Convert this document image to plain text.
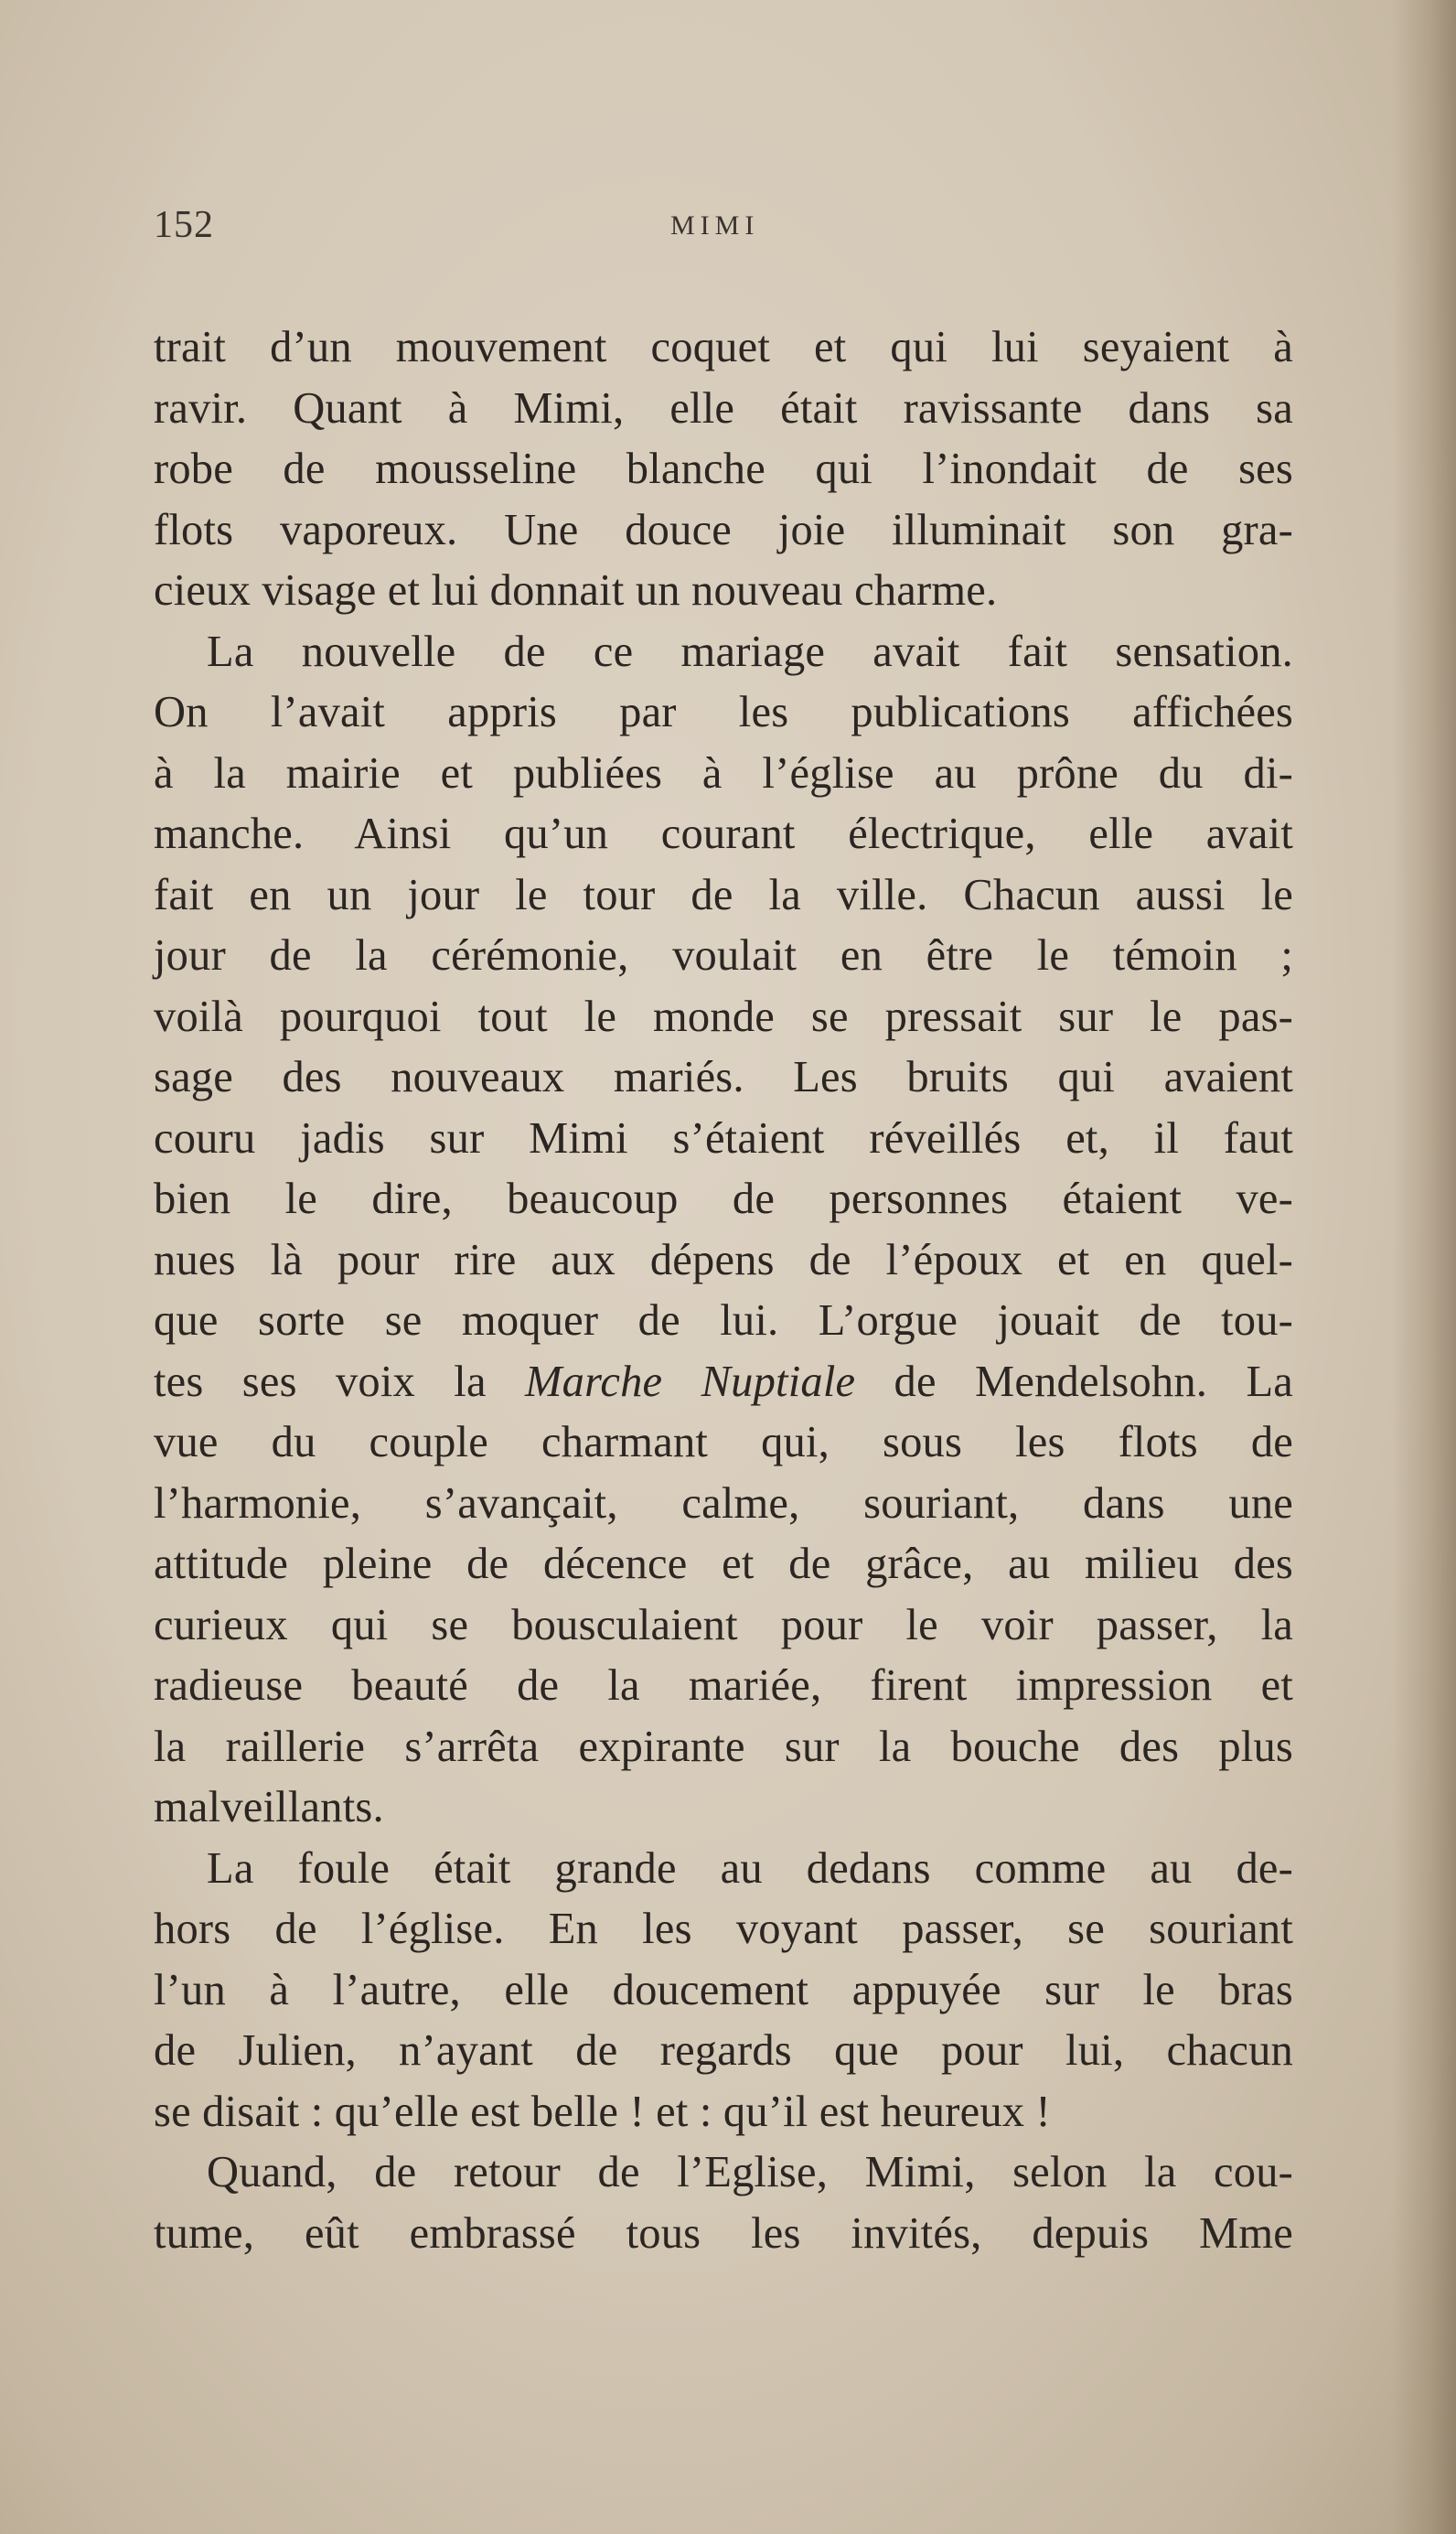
152	MIMI
trait d’un mouvement coquet et qui lui seyaient à
ravir. Quant à Mimi, elle était ravissante dans sa
robe de mousseline blanche qui l’inondait de ses
flots vaporeux. Une douce joie illuminait son gra-
cieux visage et lui donnait un nouveau charme.
La nouvelle de ce mariage avait fait sensation.
On l’avait appris par les publications affichées
à la mairie et publiées à l’église au prône du di-
manche. Ainsi qu’un courant électrique, elle avait
fait en un jour le tour de la ville. Chacun aussi le
jour de la cérémonie, voulait en être le témoin ;
voilà pourquoi tout le monde se pressait sur le pas-
sage des nouveaux mariés. Les bruits qui avaient
couru jadis sur Mimi s’étaient réveillés et, il faut
bien le dire, beaucoup de personnes étaient ve-
nues là pour rire aux dépens de l’époux et en quel-
que sorte se moquer de lui. L’orgue jouait de tou-
tes ses voix la Marche Nuptiale de Mendelsohn. La
vue du couple charmant qui, sous les flots de
l’harmonie, s’avançait, calme, souriant, dans une
attitude pleine de décence et de grâce, au milieu des
curieux qui se bousculaient pour le voir passer, la
radieuse beauté de la mariée, firent impression et
la raillerie s’arrêta expirante sur la bouche des plus
malveillants.
La foule était grande au dedans comme au de-
hors de l’église. En les voyant passer, se souriant
l’un à l’autre, elle doucement appuyée sur le bras
de Julien, n’ayant de regards que pour lui, chacun
se disait : qu’elle est belle ! et : qu’il est heureux !
Quand, de retour de l’Eglise, Mimi, selon la cou-
tume, eût embrassé tous les invités, depuis Mme
